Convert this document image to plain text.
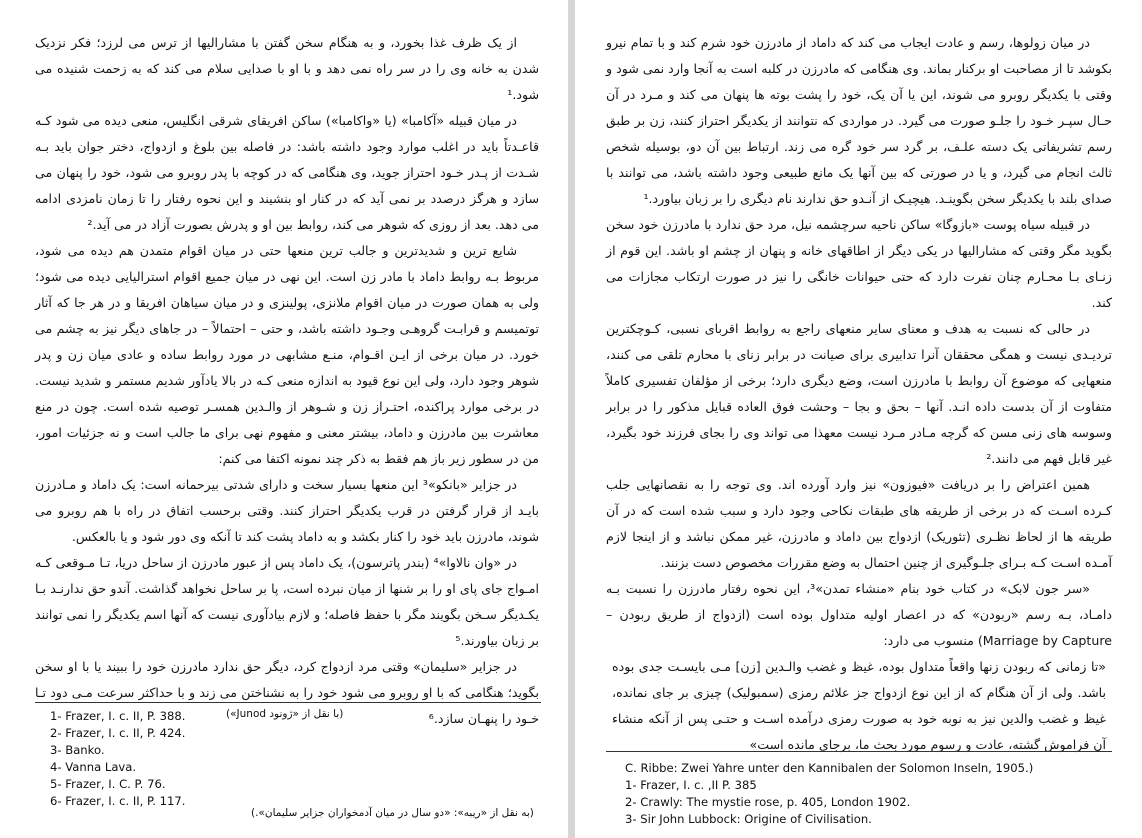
از یک ظرف غذا بخورد، و به هنگام سخن گفتن با مشارالیها از ترس می لرزد؛ فکر نزدیک شدن به خانه وی را در سر راه نمی دهد و با او با صدایی سلام می کند که به زحمت شنیده می شود.¹

در میان قبیله «آکامبا» (یا «واکامبا») ساکن افریقای شرقی انگلیس، منعی دیده می شود کـه قاعـدتاً باید در اغلب موارد وجود داشته باشد: در فاصله بین بلوغ و ازدواج، دختر جوان باید بـه شـدت از پـدر خـود احتراز جوید، وی هنگامی که در کوچه با پدر روبرو می شود، خود را پنهان می سازد و هرگز درصدد بر نمی آید که در کنار او بنشیند و این نحوه رفتار را تا زمان نامزدی ادامه می دهد. بعد از روزی که شوهر می کند، روابط بین او و پدرش بصورت آزاد در می آید.²

شایع ترین و شدیدترین و جالب ترین منعها حتی در میان اقوام متمدن هم دیده می شود، مربوط بـه روابط داماد با مادر زن است. این نهی در میان جمیع اقوام استرالیایی دیده می شود؛ ولی به همان صورت در میان اقوام ملانزی، پولینزی و در میان سیاهان افریقا و در هر جا که آثار توتمیسم و قرابـت گروهـی وجـود داشته باشد، و حتی – احتمالاً – در جاهای دیگر نیز به چشم می خورد. در میان برخی از ایـن اقـوام، منـع مشابهی در مورد روابط ساده و عادی میان زن و پدر شوهر وجود دارد، ولی این نوع قیود به اندازه منعی کـه در بالا یادآور شدیم مستمر و شدید نیست. در برخی موارد پراکنده، احتـراز زن و شـوهر از والـدین همسـر توصیه شده است. چون در منع معاشرت بین مادرزن و داماد، بیشتر معنی و مفهوم نهی برای ما جالب است و نه جزئیات امور، من در سطور زیر باز هم فقط به ذکر چند نمونه اکتفا می کنم:

در جزایر «بانکو»³ این منعها بسیار سخت و دارای شدتی بیرحمانه است: یک داماد و مـادرزن بایـد از قرار گرفتن در قرب یکدیگر احتراز کنند. وقتی برحسب اتفاق در راه با هم روبرو می شوند، مادرزن باید خود را کنار بکشد و به داماد پشت کند تا آنکه وی دور شود و یا بالعکس.

در «وان نالاوا»⁴ (بندر پاترسون)، یک داماد پس از عبور مادرزن از ساحل دریا، تـا مـوقعی کـه امـواج جای پای او را بر شنها از میان نبرده است، پا بر ساحل نخواهد گذاشت. آندو حق ندارنـد بـا یکـدیگر سـخن بگویند مگر با حفظ فاصله؛ و لازم بیادآوری نیست که آنها اسم یکدیگر را نمی توانند بر زبان بیاورند.⁵

در جزایر «سلیمان» وقتی مرد ازدواج کرد، دیگر حق ندارد مادرزن خود را ببیند یا با او سخن بگوید؛ هنگامی که با او روبرو می شود خود را به نشناختن می زند و با حداکثر سرعت مـی دود تـا خـود را پنهـان سازد.⁶

1- Frazer, I. c. II, P. 388.
2- Frazer, I. c. II, P. 424.
3- Banko.
4- Vanna Lava.
5- Frazer, I. C. P. 76.
6- Frazer, I. c. II, P. 117.
(با نقل از «ژونود Junod»)
(به نقل از «ریبه»: «دو سال در میان آدمخواران جزایر سلیمان».)

در میان زولوها، رسم و عادت ایجاب می کند که داماد از مادرزن خود شرم کند و با تمام نیرو بکوشد تا از مصاحبت او برکنار بماند. وی هنگامی که مادرزن در کلبه است به آنجا وارد نمی شود و وقتی با یکدیگر روبرو می شوند، این یا آن یک، خود را پشت بوته ها پنهان می کند و مـرد در آن حـال سپـر خـود را جلـو صورت می گیرد. در مواردی که نتوانند از یکدیگر احتراز کنند، زن بر طبق رسم تشریفاتی یک دسته علـف، بر گرد سر خود گره می زند. ارتباط بین آن دو، بوسیله شخص ثالث انجام می گیرد، و یا در صورتی که بین آنها یک مانع طبیعی وجود داشته باشد، می توانند با صدای بلند با یکدیگر سخن بگوینـد. هیچیـک از آنـدو حق ندارند نام دیگری را بر زبان بیاورد.¹

در قبیله سیاه پوست «بازوگا» ساکن ناحیه سرچشمه نیل، مرد حق ندارد با مادرزن خود سخن بگوید مگر وقتی که مشارالیها در یکی دیگر از اطاقهای خانه و پنهان از چشم او باشد. این قوم از زنـای بـا محـارم چنان نفرت دارد که حتی حیوانات خانگی را نیز در صورت ارتکاب مجازات می کند.

در حالی که نسبت به هدف و معنای سایر منعهای راجع به روابط اقربای نسبی، کـوچکترین تردیـدی نیست و همگی محققان آنرا تدابیری برای صیانت در برابر زنای با محارم تلقی می کنند، منعهایی که موضوع آن روابط با مادرزن است، وضع دیگری دارد؛ برخی از مؤلفان تفسیری کاملاً متفاوت از آن بدست داده انـد. آنها – بحق و بجا – وحشت فوق العاده قبایل مذکور را در برابر وسوسه های زنی مسن که گرچه مـادر مـرد نیست معهذا می تواند وی را بجای فرزند خود بگیرد، غیر قابل فهم می دانند.²

همین اعتراض را بر دریافت «فیوزون» نیز وارد آورده اند. وی توجه را به نقصانهایی جلب کـرده اسـت که در برخی از طریقه های طبقات نکاحی وجود دارد و سبب شده است که در آن طریقه ها از لحاظ نظـری (تئوریک) ازدواج بین داماد و مادرزن، غیر ممکن نباشد و از اینجا لازم آمـده اسـت کـه بـرای جلـوگیری از چنین احتمال به وضع مقررات مخصوص دست بزنند.

«سر جون لابک» در کتاب خود بنام «منشاء تمدن»³، این نحوه رفتار مادرزن را نسبت بـه دامـاد، بـه رسم «ربودن» که در اعصار اولیه متداول بوده است (ازدواج از طریق ربودن – Marriage by Capture) منسوب می دارد:

«تا زمانی که ربودن زنها واقعاً متداول بوده، غیظ و غضب والـدین [زن] مـی بایسـت جدی بوده باشد. ولی از آن هنگام که از این نوع ازدواج جز علائم رمزی (سمبولیک) چیزی بر جای نمانده، غیظ و غضب والدین نیز به نوبه خود به صورت رمزی درآمده اسـت و حتـی پس از آنکه منشاء آن فراموش گشته، عادت و رسوم مورد بحث ما، برجای مانده است»

C. Ribbe: Zwei Yahre unter den Kannibalen der Solomon Inseln, 1905.)
1- Frazer, I. c. ,II P. 385
2- Crawly: The mystie rose, p. 405, London 1902.
3- Sir John Lubbock: Origine of Civilisation.
